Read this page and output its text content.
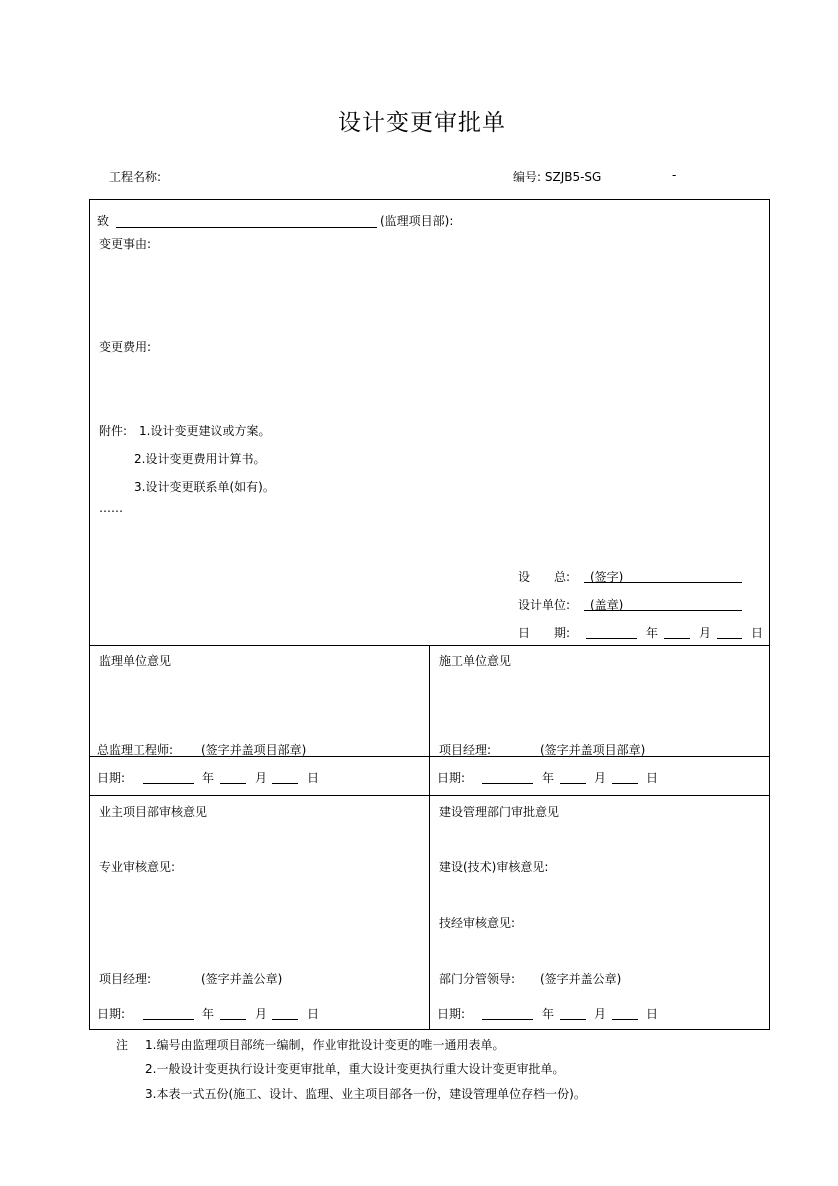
设计变更审批单
工程名称:	编号: SZJB5-SG	-
致	(监理项目部):
变更事由:
变更费用:
附件: 1.设计变更建议或方案。
2.设计变更费用计算书。
3.设计变更联系单(如有)。
……
设　　总: (签字)
设计单位: (盖章)
日　　期:	年	月	日
监理单位意见
总监理工程师: (签字并盖项目部章)
日期:	年	月	日
施工单位意见
项目经理:	(签字并盖项目部章)
日期:	年	月	日
业主项目部审核意见
专业审核意见:
项目经理:	(签字并盖公章)
日期:	年	月	日
建设管理部门审批意见
建设(技术)审核意见:
技经审核意见:
部门分管领导: (签字并盖公章)
日期:	年	月	日
注 1.编号由监理项目部统一编制，作业审批设计变更的唯一通用表单。
2.一般设计变更执行设计变更审批单，重大设计变更执行重大设计变更审批单。
3.本表一式五份(施工、设计、监理、业主项目部各一份，建设管理单位存档一份)。
